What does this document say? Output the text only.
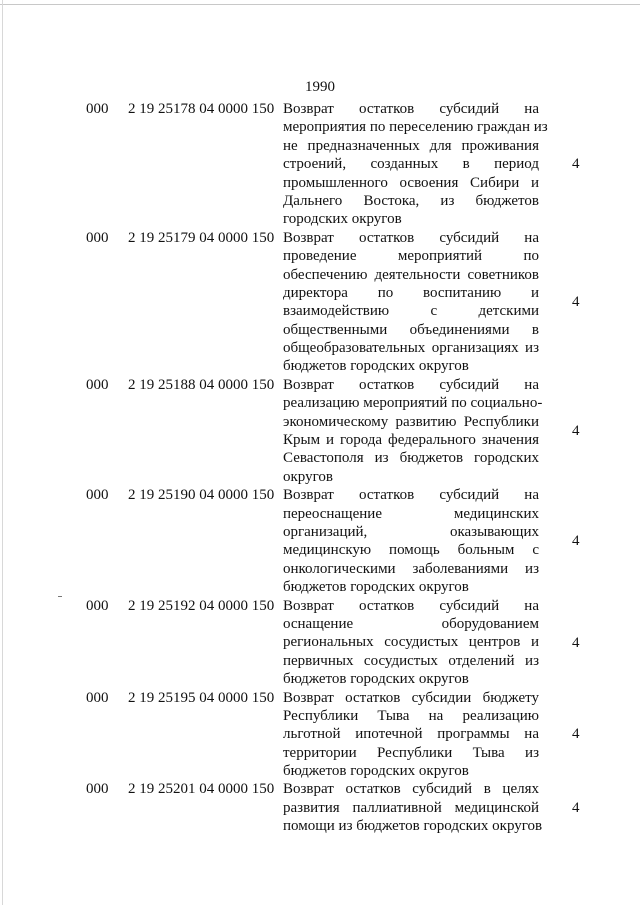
1990
000 2 19 25178 04 0000 150 Возврат остатков субсидий на
мероприятия по переселению граждан из
не предназначенных для проживания
строений, созданных в период
промышленного освоения Сибири и
Дальнего Востока, из бюджетов
городских округов
4
000 2 19 25179 04 0000 150 Возврат остатков субсидий на
проведение мероприятий по
обеспечению деятельности советников
директора по воспитанию и
взаимодействию с детскими
общественными объединениями в
общеобразовательных организациях из
бюджетов городских округов
4
000 2 19 25188 04 0000 150 Возврат остатков субсидий на
реализацию мероприятий по социально-
экономическому развитию Республики
Крым и города федерального значения
Севастополя из бюджетов городских
округов
4
000 2 19 25190 04 0000 150 Возврат остатков субсидий на
переоснащение медицинских
организаций, оказывающих
медицинскую помощь больным с
онкологическими заболеваниями из
бюджетов городских округов
4
000 2 19 25192 04 0000 150 Возврат остатков субсидий на
оснащение оборудованием
региональных сосудистых центров и
первичных сосудистых отделений из
бюджетов городских округов
4
000 2 19 25195 04 0000 150 Возврат остатков субсидии бюджету
Республики Тыва на реализацию
льготной ипотечной программы на
территории Республики Тыва из
бюджетов городских округов
4
000 2 19 25201 04 0000 150 Возврат остатков субсидий в целях
развития паллиативной медицинской
помощи из бюджетов городских округов
4
